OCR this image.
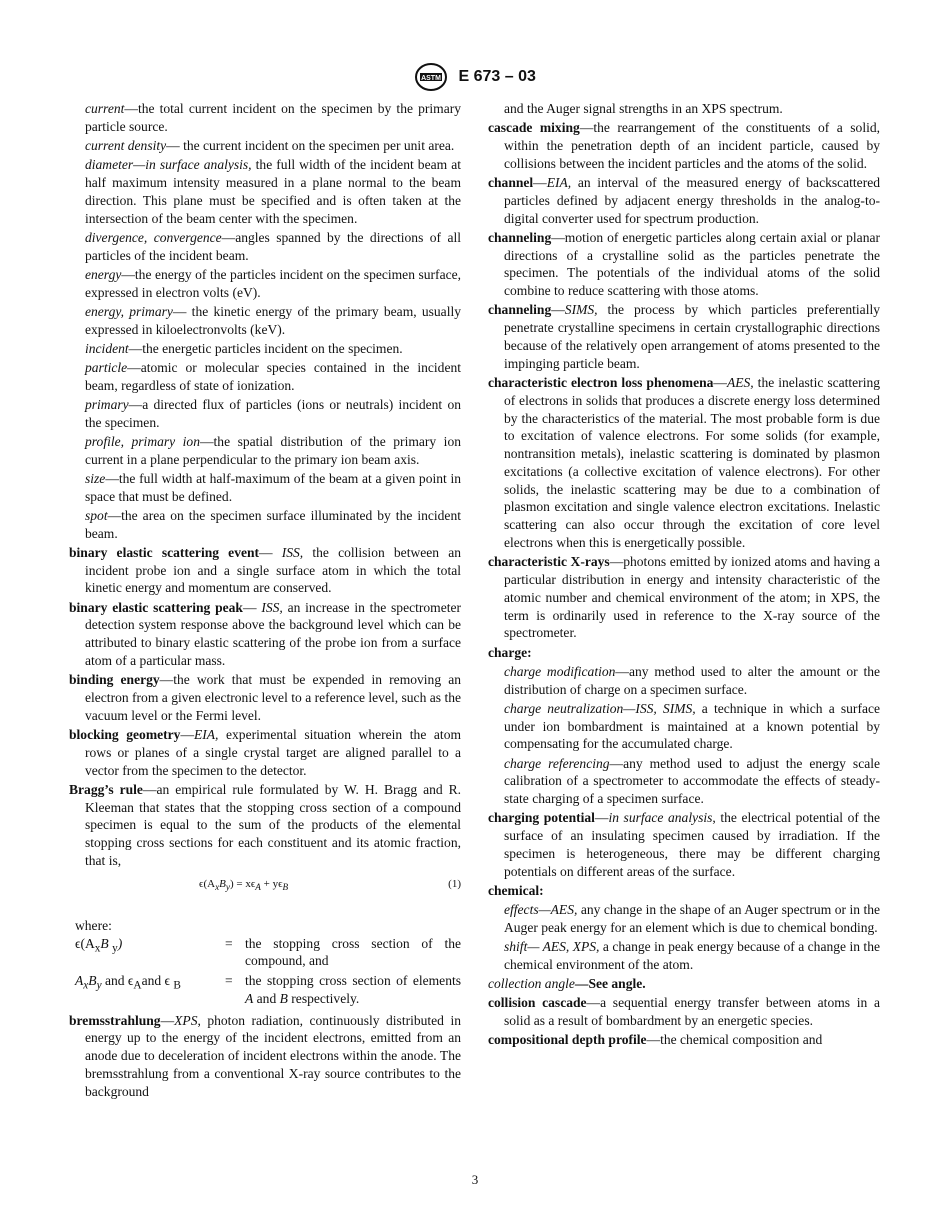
ASTM E 673 – 03
current—the total current incident on the specimen by the primary particle source.
current density— the current incident on the specimen per unit area.
diameter—in surface analysis, the full width of the incident beam at half maximum intensity measured in a plane normal to the beam direction. This plane must be specified and is often taken at the intersection of the beam center with the specimen.
divergence, convergence—angles spanned by the directions of all particles of the incident beam.
energy—the energy of the particles incident on the specimen surface, expressed in electron volts (eV).
energy, primary— the kinetic energy of the primary beam, usually expressed in kiloelectronvolts (keV).
incident—the energetic particles incident on the specimen.
particle—atomic or molecular species contained in the incident beam, regardless of state of ionization.
primary—a directed flux of particles (ions or neutrals) incident on the specimen.
profile, primary ion—the spatial distribution of the primary ion current in a plane perpendicular to the primary ion beam axis.
size—the full width at half-maximum of the beam at a given point in space that must be defined.
spot—the area on the specimen surface illuminated by the incident beam.
binary elastic scattering event— ISS, the collision between an incident probe ion and a single surface atom in which the total kinetic energy and momentum are conserved.
binary elastic scattering peak— ISS, an increase in the spectrometer detection system response above the background level which can be attributed to binary elastic scattering of the probe ion from a surface atom of a particular mass.
binding energy—the work that must be expended in removing an electron from a given electronic level to a reference level, such as the vacuum level or the Fermi level.
blocking geometry—EIA, experimental situation wherein the atom rows or planes of a single crystal target are aligned parallel to a vector from the specimen to the detector.
Bragg’s rule—an empirical rule formulated by W. H. Bragg and R. Kleeman that states that the stopping cross section of a compound specimen is equal to the sum of the products of the elemental stopping cross sections for each constituent and its atomic fraction, that is,
$\epsilon(A_xB_y) = x\epsilon_A + y\epsilon_B$	(1)
where:
$\epsilon(A_xB$ $_y$)	= the stopping cross section of the compound, and
$A_xB_y$ and $\epsilon_Aand$ ϵ $_B$	= the stopping cross section of elements A and B respectively.
bremsstrahlung—XPS, photon radiation, continuously distributed in energy up to the energy of the incident electrons, emitted from an anode due to deceleration of incident electrons within the anode. The bremsstrahlung from a conventional X-ray source contributes to the background
and the Auger signal strengths in an XPS spectrum.
cascade mixing—the rearrangement of the constituents of a solid, within the penetration depth of an incident particle, caused by collisions between the incident particles and the atoms of the solid.
channel—EIA, an interval of the measured energy of backscattered particles defined by adjacent energy thresholds in the analog-to-digital converter used for spectrum production.
channeling—motion of energetic particles along certain axial or planar directions of a crystalline solid as the particles penetrate the specimen. The potentials of the individual atoms of the solid combine to reduce scattering with those atoms.
channeling—SIMS, the process by which particles preferentially penetrate crystalline specimens in certain crystallographic directions because of the relatively open arrangement of atoms presented to the impinging particle beam.
characteristic electron loss phenomena—AES, the inelastic scattering of electrons in solids that produces a discrete energy loss determined by the characteristics of the material. The most probable form is due to excitation of valence electrons. For some solids (for example, nontransition metals), inelastic scattering is dominated by plasmon excitations (a collective excitation of valence electrons). For other solids, the inelastic scattering may be due to a combination of plasmon excitation and single valence electron excitations. Inelastic scattering can also occur through the excitation of core level electrons when this is energetically possible.
characteristic X-rays—photons emitted by ionized atoms and having a particular distribution in energy and intensity characteristic of the atomic number and chemical environment of the atom; in XPS, the term is ordinarily used in reference to the X-ray source of the spectrometer.
charge:
charge modification—any method used to alter the amount or the distribution of charge on a specimen surface.
charge neutralization—ISS, SIMS, a technique in which a surface under ion bombardment is maintained at a known potential by compensating for the accumulated charge.
charge referencing—any method used to adjust the energy scale calibration of a spectrometer to accommodate the effects of steady-state charging of a specimen surface.
charging potential—in surface analysis, the electrical potential of the surface of an insulating specimen caused by irradiation. If the specimen is heterogeneous, there may be different charging potentials on different areas of the surface.
chemical:
effects—AES, any change in the shape of an Auger spectrum or in the Auger peak energy for an element which is due to chemical bonding.
shift— AES, XPS, a change in peak energy because of a change in the chemical environment of the atom.
collection angle—See angle.
collision cascade—a sequential energy transfer between atoms in a solid as a result of bombardment by an energetic species.
compositional depth profile—the chemical composition and
3
